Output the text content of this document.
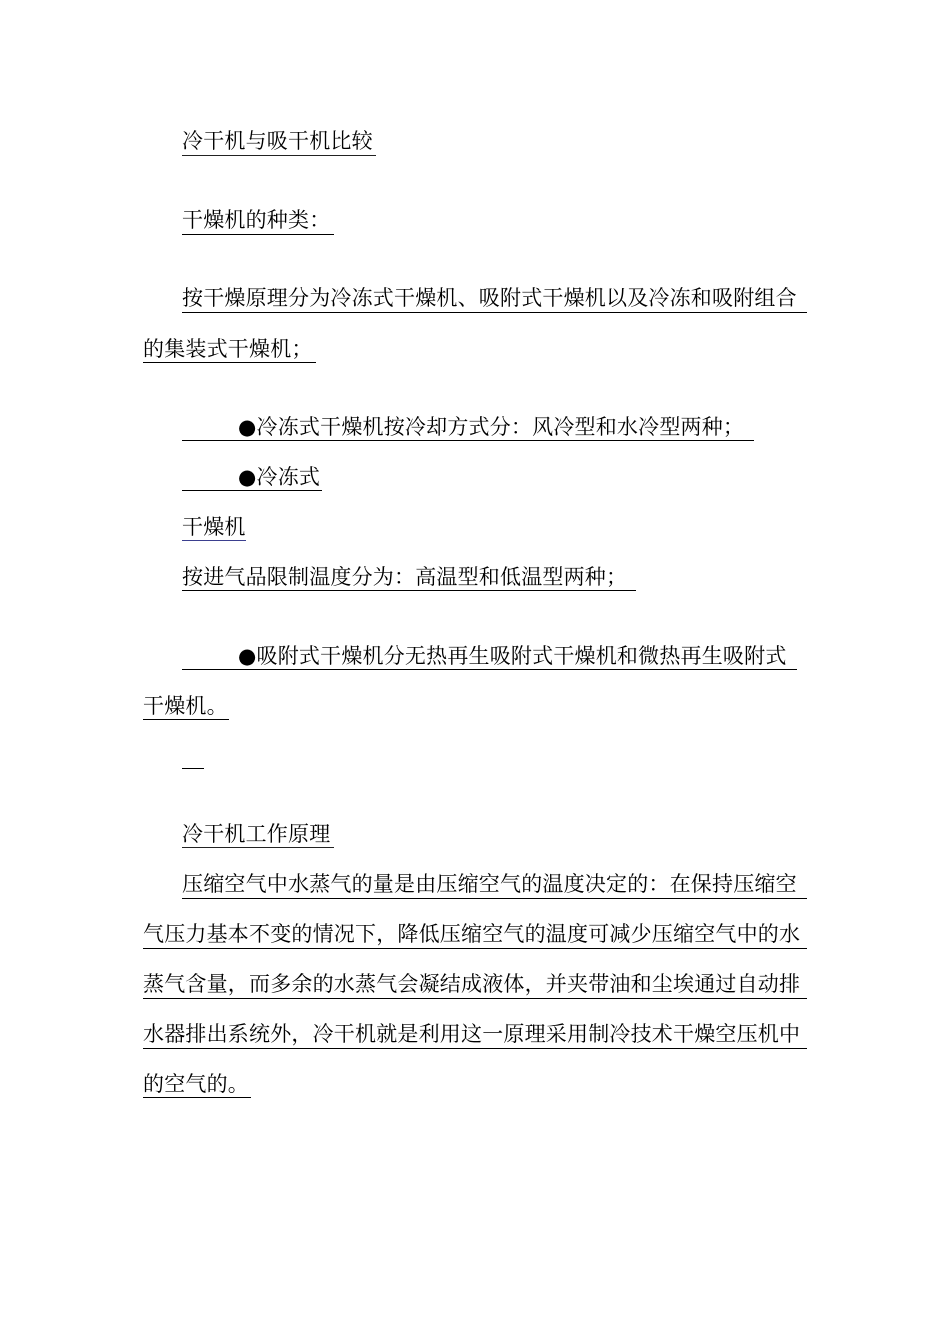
冷干机与吸干机比较
干燥机的种类：
按干燥原理分为冷冻式干燥机、吸附式干燥机以及冷冻和吸附组合
的集装式干燥机；
●冷冻式干燥机按冷却方式分：风冷型和水冷型两种；
●冷冻式
干燥机
按进气品限制温度分为：高温型和低温型两种；
●吸附式干燥机分无热再生吸附式干燥机和微热再生吸附式
干燥机。
冷干机工作原理
压缩空气中水蒸气的量是由压缩空气的温度决定的：在保持压缩空
气压力基本不变的情况下，降低压缩空气的温度可减少压缩空气中的水
蒸气含量，而多余的水蒸气会凝结成液体，并夹带油和尘埃通过自动排
水器排出系统外，冷干机就是利用这一原理采用制冷技术干燥空压机中
的空气的。
